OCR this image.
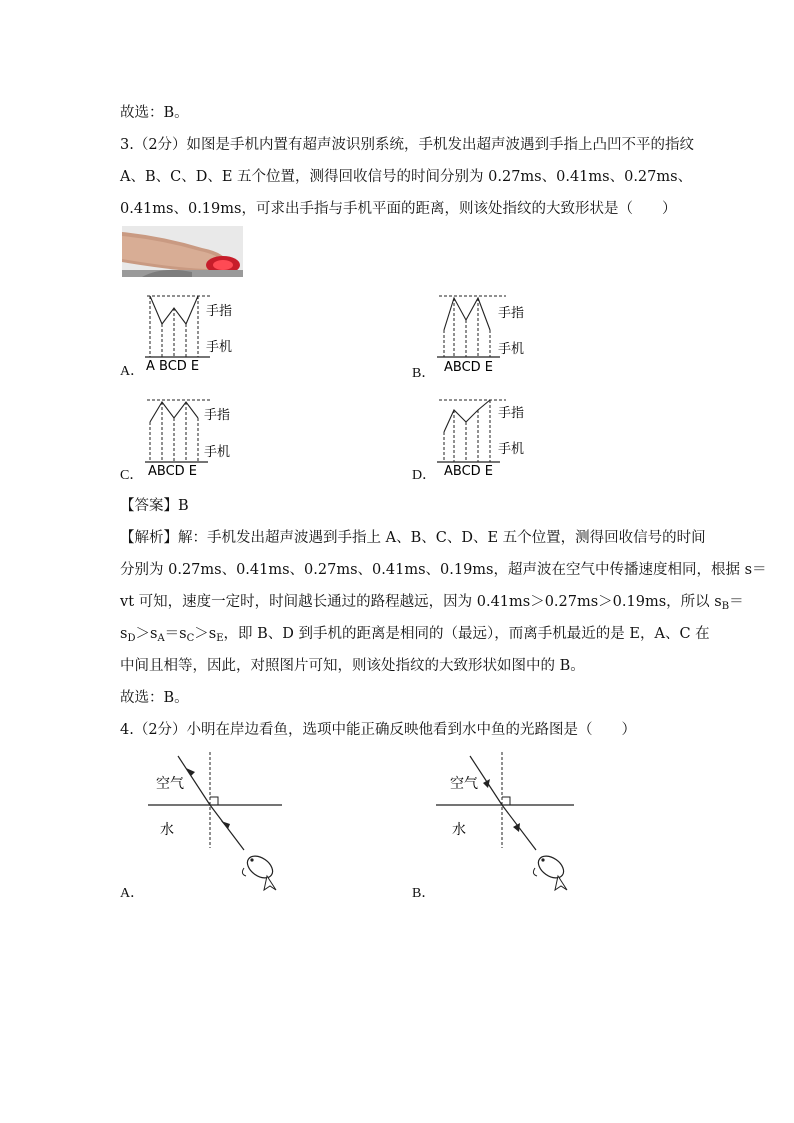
故选：B。
3.（2分）如图是手机内置有超声波识别系统，手机发出超声波遇到手指上凸凹不平的指纹
A、B、C、D、E 五个位置，测得回收信号的时间分别为 0.27ms、0.41ms、0.27ms、
0.41ms、0.19ms，可求出手指与手机平面的距离，则该处指纹的大致形状是（　　）
A．
手指
手机
A BCD E	B．
手指
手机
ABCD E
C．
手指
手机
ABCD E	D．
手指
手机
ABCD E
【答案】B
【解析】解：手机发出超声波遇到手指上 A、B、C、D、E 五个位置，测得回收信号的时间
分别为 0.27ms、0.41ms、0.27ms、0.41ms、0.19ms，超声波在空气中传播速度相同，根据 s＝
vt 可知，速度一定时，时间越长通过的路程越远，因为 0.41ms＞0.27ms＞0.19ms，所以 $s_B=$
$s_D>s_A=s_C>s_E$，即 B、D 到手机的距离是相同的（最远），而离手机最近的是 E，A、C 在
中间且相等，因此，对照图片可知，则该处指纹的大致形状如图中的 B。
故选：B。
4.（2分）小明在岸边看鱼，选项中能正确反映他看到水中鱼的光路图是（　　）
A．
空气
水
B．
空气
水
